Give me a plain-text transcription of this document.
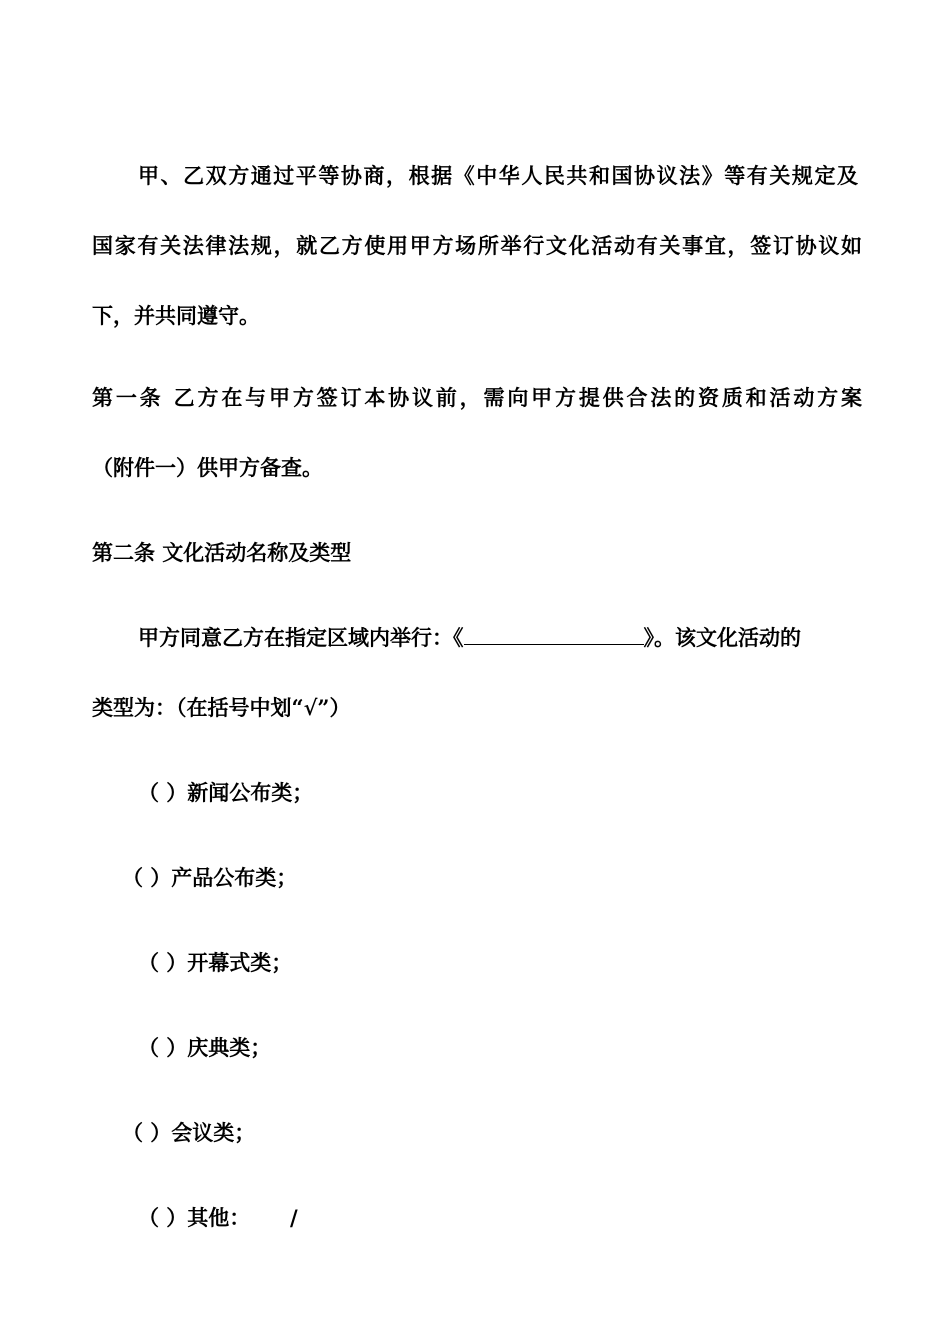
甲、乙双方通过平等协商，根据《中华人民共和国协议法》等有关规定及
国家有关法律法规，就乙方使用甲方场所举行文化活动有关事宜，签订协议如
下，并共同遵守。
第一条 乙方在与甲方签订本协议前，需向甲方提供合法的资质和活动方案
（附件一）供甲方备查。
第二条 文化活动名称及类型
甲方同意乙方在指定区域内举行：《	》。该文化活动的
类型为：（在括号中划“√”）
（ ）新闻公布类；
（ ）产品公布类；
（ ）开幕式类；
（ ）庆典类；
（ ）会议类；
（ ）其他： /
